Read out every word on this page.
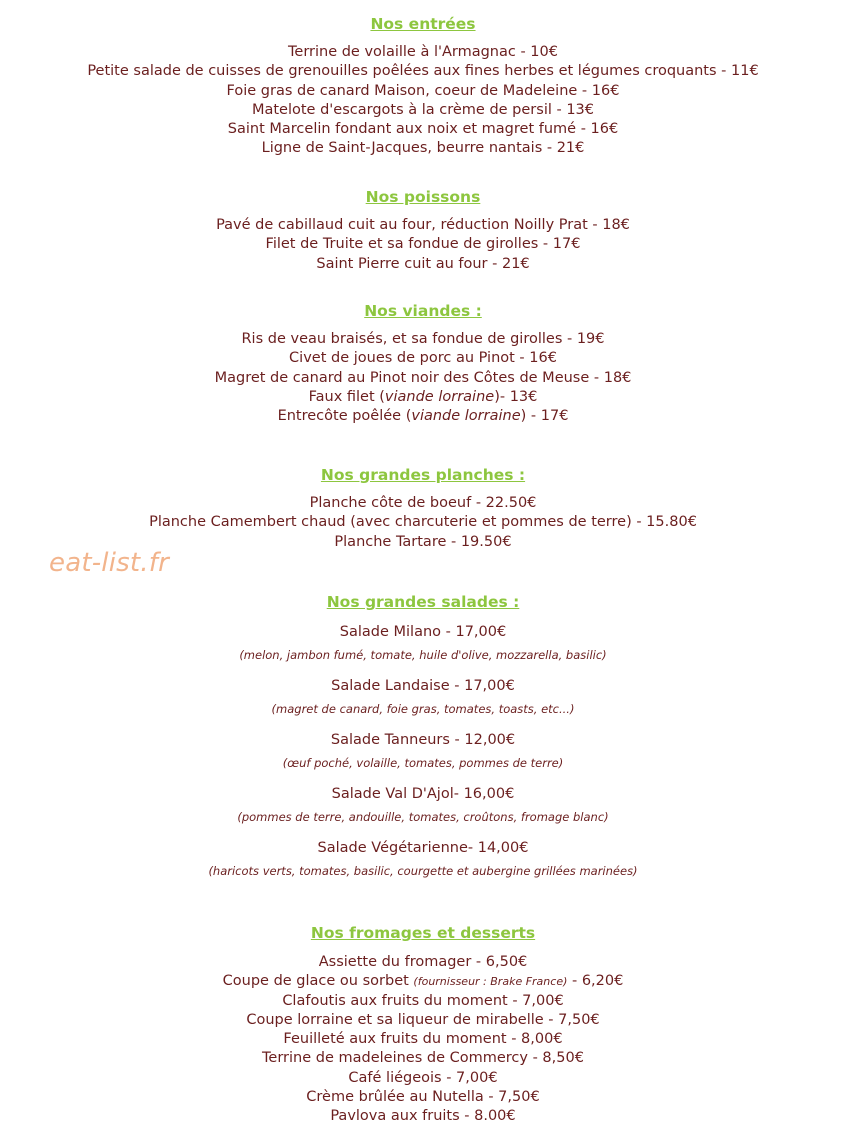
Nos entrées
Terrine de volaille à l'Armagnac - 10€
Petite salade de cuisses de grenouilles poêlées aux fines herbes et légumes croquants - 11€
Foie gras de canard Maison, coeur de Madeleine - 16€
Matelote d'escargots à la crème de persil - 13€
Saint Marcelin fondant aux noix et magret fumé - 16€
Ligne de Saint-Jacques, beurre nantais - 21€
Nos poissons
Pavé de cabillaud cuit au four, réduction Noilly Prat - 18€
Filet de Truite et sa fondue de girolles - 17€
Saint Pierre cuit au four - 21€
Nos viandes :
Ris de veau braisés, et sa fondue de girolles - 19€
Civet de joues de porc au Pinot - 16€
Magret de canard au Pinot noir des Côtes de Meuse - 18€
Faux filet (viande lorraine)- 13€
Entrecôte poêlée (viande lorraine) - 17€
Nos grandes planches :
Planche côte de boeuf - 22.50€
Planche Camembert chaud (avec charcuterie et pommes de terre) - 15.80€
Planche Tartare - 19.50€
Nos grandes salades :
Salade Milano - 17,00€
(melon, jambon fumé, tomate, huile d'olive, mozzarella, basilic)
Salade Landaise - 17,00€
(magret de canard, foie gras, tomates, toasts, etc...)
Salade Tanneurs - 12,00€
(œuf poché, volaille, tomates, pommes de terre)
Salade Val D'Ajol- 16,00€
(pommes de terre, andouille, tomates, croûtons, fromage blanc)
Salade Végétarienne- 14,00€
(haricots verts, tomates, basilic, courgette et aubergine grillées marinées)
Nos fromages et desserts
Assiette du fromager - 6,50€
Coupe de glace ou sorbet (fournisseur : Brake France) - 6,20€
Clafoutis aux fruits du moment - 7,00€
Coupe lorraine et sa liqueur de mirabelle - 7,50€
Feuilleté aux fruits du moment - 8,00€
Terrine de madeleines de Commercy - 8,50€
Café liégeois - 7,00€
Crème brûlée au Nutella - 7,50€
Pavlova aux fruits - 8.00€
eat-list.fr
